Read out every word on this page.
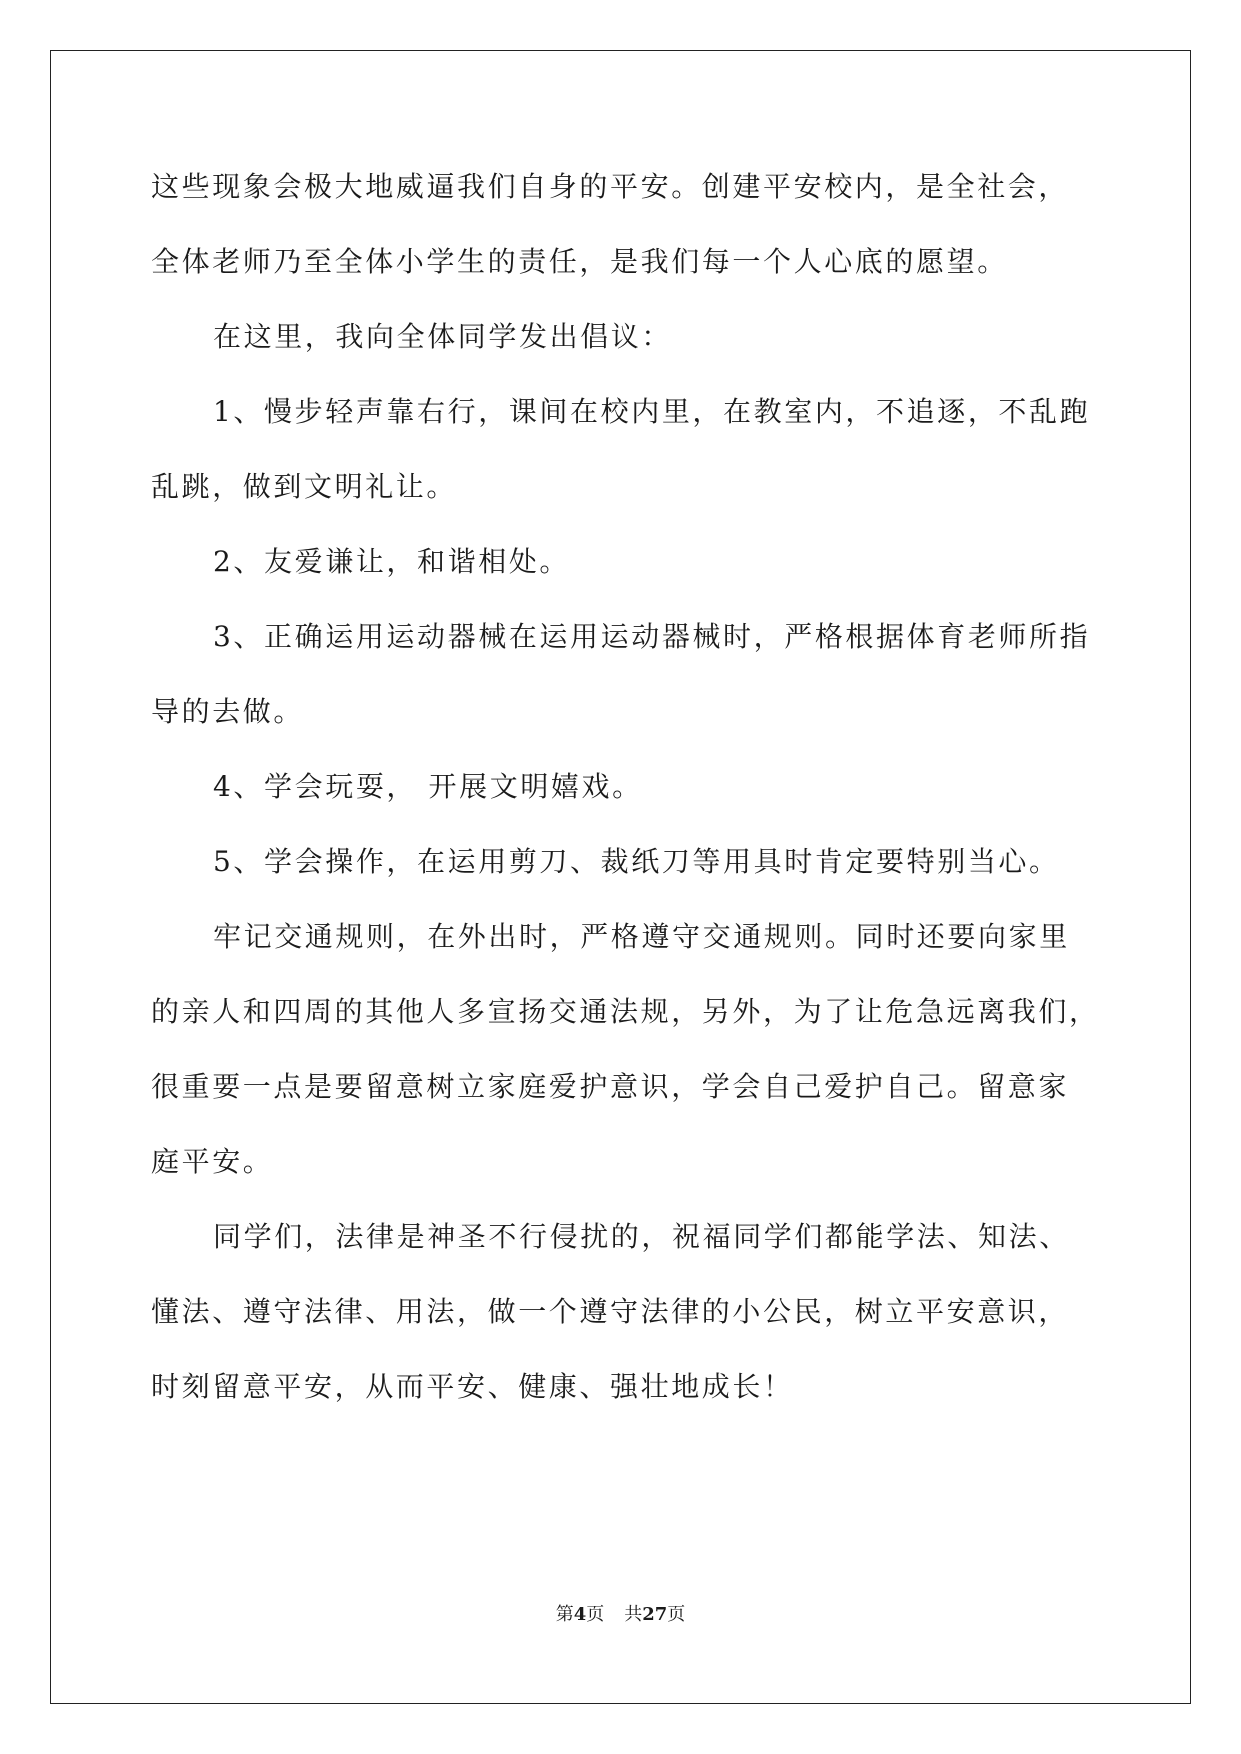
这些现象会极大地威逼我们自身的平安。创建平安校内，是全社会，
全体老师乃至全体小学生的责任，是我们每一个人心底的愿望。
在这里，我向全体同学发出倡议：
1、慢步轻声靠右行，课间在校内里，在教室内，不追逐，不乱跑
乱跳，做到文明礼让。
2、友爱谦让，和谐相处。
3、正确运用运动器械在运用运动器械时，严格根据体育老师所指
导的去做。
4、学会玩耍， 开展文明嬉戏。
5、学会操作，在运用剪刀、裁纸刀等用具时肯定要特别当心。
牢记交通规则，在外出时，严格遵守交通规则。同时还要向家里
的亲人和四周的其他人多宣扬交通法规，另外，为了让危急远离我们，
很重要一点是要留意树立家庭爱护意识，学会自己爱护自己。留意家
庭平安。
同学们，法律是神圣不行侵扰的，祝福同学们都能学法、知法、
懂法、遵守法律、用法，做一个遵守法律的小公民，树立平安意识，
时刻留意平安，从而平安、健康、强壮地成长！
第4页 共27页
